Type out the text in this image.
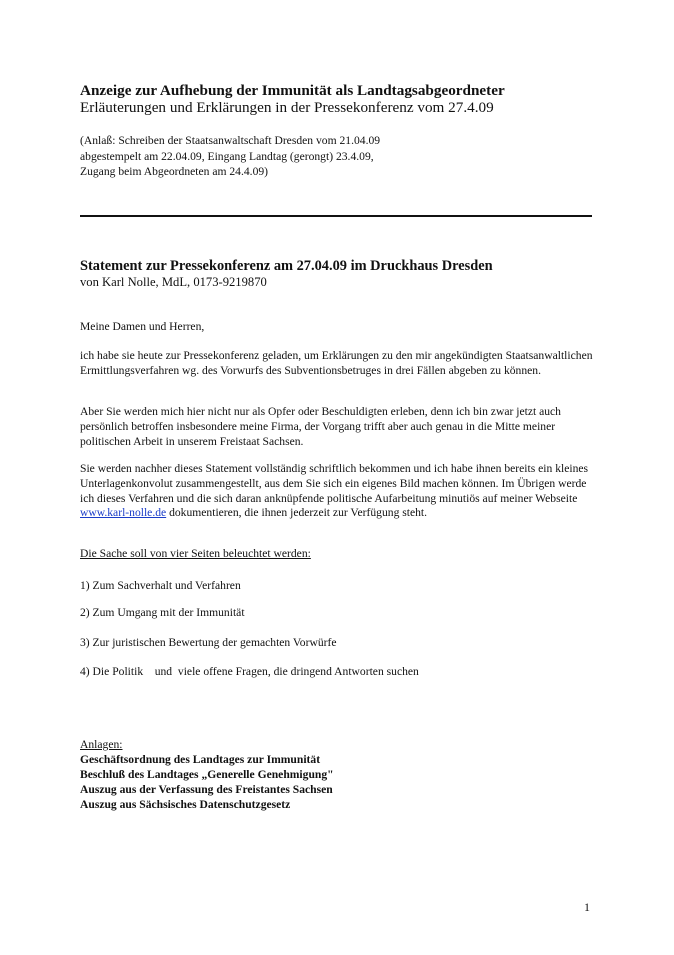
Anzeige zur Aufhebung der Immunität als Landtagsabgeordneter
Erläuterungen und Erklärungen in der Pressekonferenz vom 27.4.09
(Anlaß: Schreiben der Staatsanwaltschaft Dresden vom 21.04.09
abgestempelt am 22.04.09, Eingang Landtag (gerongt) 23.4.09,
Zugang beim Abgeordneten am 24.4.09)
Statement zur Pressekonferenz am 27.04.09 im Druckhaus Dresden
von Karl Nolle, MdL, 0173-9219870
Meine Damen und Herren,
ich habe sie heute zur Pressekonferenz geladen, um Erklärungen zu den mir angekündigten Staatsanwaltlichen Ermittlungsverfahren wg. des Vorwurfs des Subventionsbetruges in drei Fällen abgeben zu können.
Aber Sie werden mich hier nicht nur als Opfer oder Beschuldigten erleben, denn ich bin zwar jetzt auch persönlich betroffen insbesondere meine Firma, der Vorgang trifft aber auch genau in die Mitte meiner politischen Arbeit in unserem Freistaat Sachsen.
Sie werden nachher dieses Statement vollständig schriftlich bekommen und ich habe ihnen bereits ein kleines Unterlagenkonvolut zusammengestellt, aus dem Sie sich ein eigenes Bild machen können. Im Übrigen werde ich dieses Verfahren und die sich daran anknüpfende politische Aufarbeitung minutiös auf meiner Webseite www.karl-nolle.de dokumentieren, die ihnen jederzeit zur Verfügung steht.
Die Sache soll von vier Seiten beleuchtet werden:
1) Zum Sachverhalt und Verfahren
2) Zum Umgang mit der Immunität
3) Zur juristischen Bewertung der gemachten Vorwürfe
4) Die Politik    und  viele offene Fragen, die dringend Antworten suchen
Anlagen:
Geschäftsordnung des Landtages zur Immunität
Beschluß des Landtages „Generelle Genehmigung"
Auszug aus der Verfassung des Freistantes Sachsen
Auszug aus Sächsisches Datenschutzgesetz
1
